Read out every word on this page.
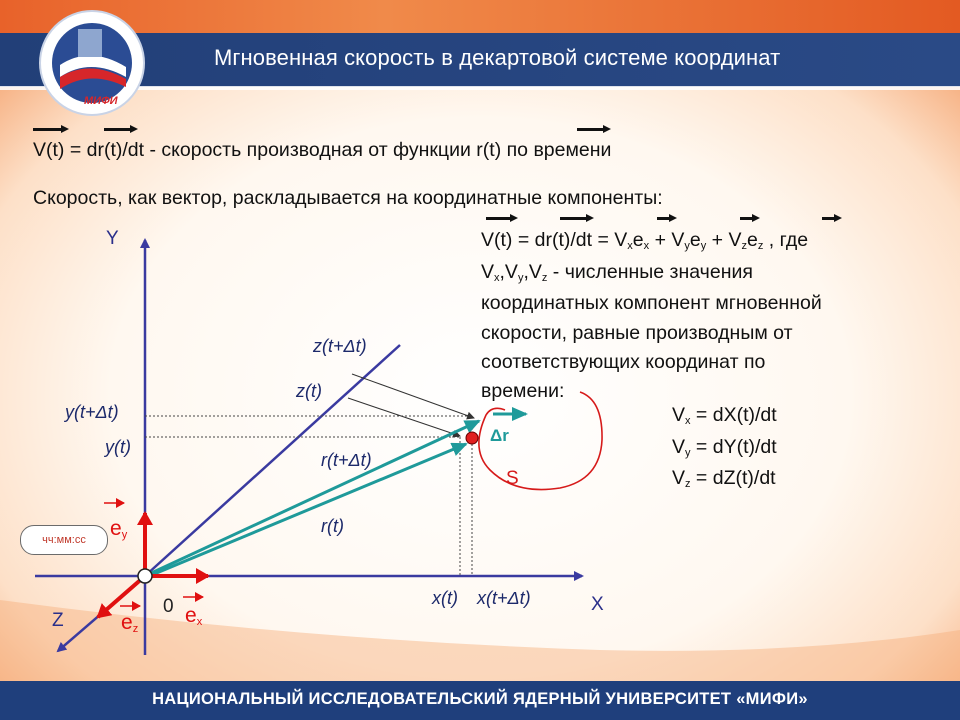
МИФИ
Мгновенная скорость в декартовой системе координат
V(t) = dr(t)/dt - скорость производная от функции r(t) по времени
Скорость, как вектор, раскладывается на координатные компоненты:
$V(t) = dr(t)/dt = V_xe_x + V_ye_y + V_ze_z$ , где
$V_x,V_y,V_z$ - численные значения
координатных компонент мгновенной
скорости, равные производным от
соответствующих координат по
времени:
$V_x = dX(t)/dt$
$V_y = dY(t)/dt$
$V_z = dZ(t)/dt$
Y
X
Z
0
z(t+Δt)
z(t)
y(t+Δt)
y(t)
r(t+Δt)
r(t)
x(t) x(t+Δt)
Δr
S
$e_y$
$e_x$
$e_z$
чч:мм:сс
НАЦИОНАЛЬНЫЙ ИССЛЕДОВАТЕЛЬСКИЙ ЯДЕРНЫЙ УНИВЕРСИТЕТ «МИФИ»
